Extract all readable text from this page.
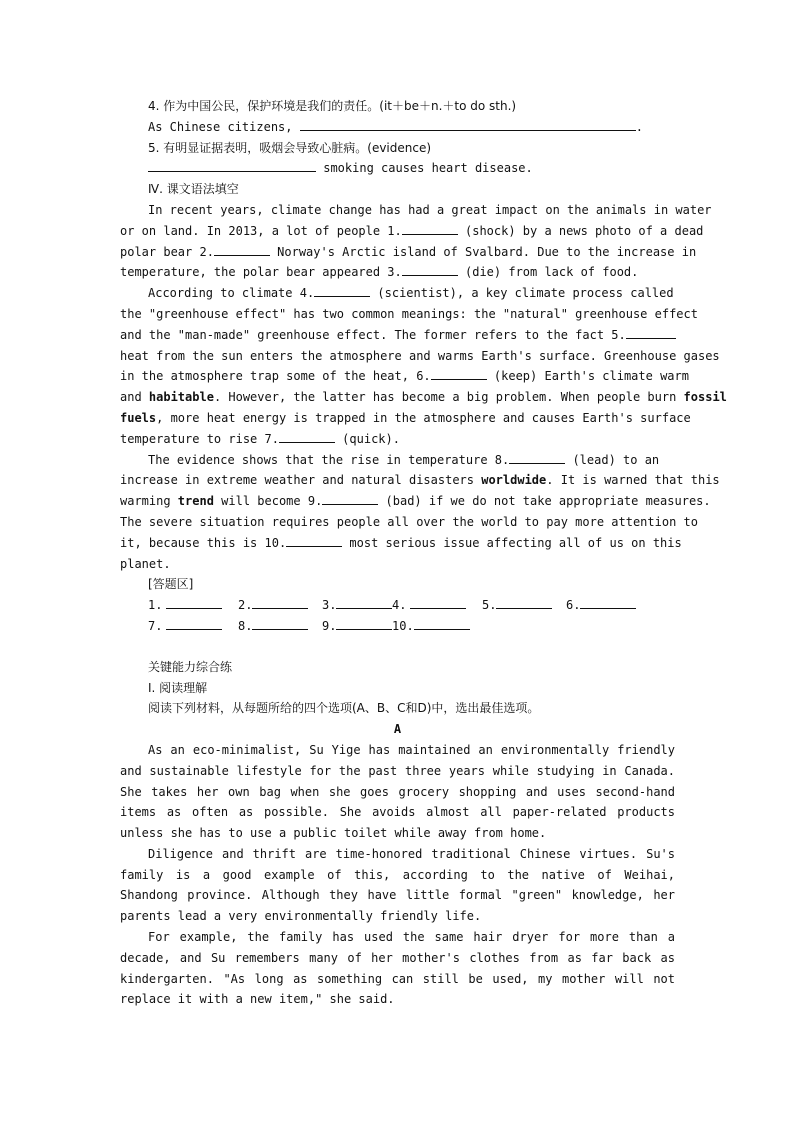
4. 作为中国公民，保护环境是我们的责任。(it＋be＋n.＋to do sth.)
As Chinese citizens,	.
5. 有明显证据表明，吸烟会导致心脏病。(evidence)
smoking causes heart disease.
Ⅳ. 课文语法填空
In recent years, climate change has had a great impact on the animals in water
or on land. In 2013, a lot of people 1.	(shock) by a news photo of a dead
polar bear 2.	Norway's Arctic island of Svalbard. Due to the increase in
temperature, the polar bear appeared 3.	(die) from lack of food.
According to climate 4.	(scientist), a key climate process called
the "greenhouse effect" has two common meanings: the "natural" greenhouse effect
and the "man-made" greenhouse effect. The former refers to the fact 5.
heat from the sun enters the atmosphere and warms Earth's surface. Greenhouse gases
in the atmosphere trap some of the heat, 6.	(keep) Earth's climate warm
and habitable. However, the latter has become a big problem. When people burn fossil
fuels, more heat energy is trapped in the atmosphere and causes Earth's surface
temperature to rise 7.	(quick).
The evidence shows that the rise in temperature 8.	(lead) to an
increase in extreme weather and natural disasters worldwide. It is warned that this
warming trend will become 9.	(bad) if we do not take appropriate measures.
The severe situation requires people all over the world to pay more attention to
it, because this is 10.	most serious issue affecting all of us on this
planet.
[答题区]
1.	2.	3.	4.	5.	6.
7.	8.	9.	10.
关键能力综合练
Ⅰ. 阅读理解
阅读下列材料，从每题所给的四个选项(A、B、C和D)中，选出最佳选项。
A

As an eco-minimalist, Su Yige has maintained an environmentally friendly and sustainable lifestyle for the past three years while studying in Canada. She takes her own bag when she goes grocery shopping and uses second-hand items as often as possible. She avoids almost all paper-related products unless she has to use a public toilet while away from home.

Diligence and thrift are time-honored traditional Chinese virtues. Su's family is a good example of this, according to the native of Weihai, Shandong province. Although they have little formal "green" knowledge, her parents lead a very environmentally friendly life.

For example, the family has used the same hair dryer for more than a decade, and Su remembers many of her mother's clothes from as far back as kindergarten. "As long as something can still be used, my mother will not replace it with a new item," she said.
